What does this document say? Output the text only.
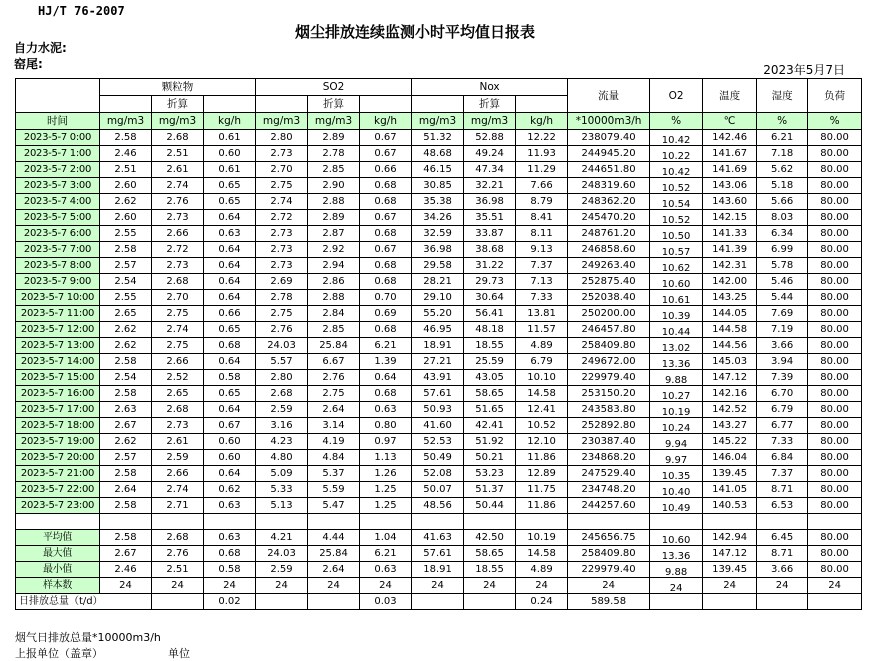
HJ/T 76-2007
烟尘排放连续监测小时平均值日报表
自力水泥:
窑尾:	2023年5月7日
	颗粒物			SO2			Nox			流量	O2	温度	湿度	负荷
		折算			折算			折算						
时间	mg/m3	mg/m3	kg/h	mg/m3	mg/m3	kg/h	mg/m3	mg/m3	kg/h	*10000m3/h	%	℃	%	%
2023-5-7 0:00	2.58	2.68	0.61	2.80	2.89	0.67	51.32	52.88	12.22	238079.40	10.42	142.46	6.21	80.00
2023-5-7 1:00	2.46	2.51	0.60	2.73	2.78	0.67	48.68	49.24	11.93	244945.20	10.22	141.67	7.18	80.00
2023-5-7 2:00	2.51	2.61	0.61	2.70	2.85	0.66	46.15	47.34	11.29	244651.80	10.42	141.69	5.62	80.00
2023-5-7 3:00	2.60	2.74	0.65	2.75	2.90	0.68	30.85	32.21	7.66	248319.60	10.52	143.06	5.18	80.00
2023-5-7 4:00	2.62	2.76	0.65	2.74	2.88	0.68	35.38	36.98	8.79	248362.20	10.54	143.60	5.66	80.00
2023-5-7 5:00	2.60	2.73	0.64	2.72	2.89	0.67	34.26	35.51	8.41	245470.20	10.52	142.15	8.03	80.00
2023-5-7 6:00	2.55	2.66	0.63	2.73	2.87	0.68	32.59	33.87	8.11	248761.20	10.50	141.33	6.34	80.00
2023-5-7 7:00	2.58	2.72	0.64	2.73	2.92	0.67	36.98	38.68	9.13	246858.60	10.57	141.39	6.99	80.00
2023-5-7 8:00	2.57	2.73	0.64	2.73	2.94	0.68	29.58	31.22	7.37	249263.40	10.62	142.31	5.78	80.00
2023-5-7 9:00	2.54	2.68	0.64	2.69	2.86	0.68	28.21	29.73	7.13	252875.40	10.60	142.00	5.46	80.00
2023-5-7 10:00	2.55	2.70	0.64	2.78	2.88	0.70	29.10	30.64	7.33	252038.40	10.61	143.25	5.44	80.00
2023-5-7 11:00	2.65	2.75	0.66	2.75	2.84	0.69	55.20	56.41	13.81	250200.00	10.39	144.05	7.69	80.00
2023-5-7 12:00	2.62	2.74	0.65	2.76	2.85	0.68	46.95	48.18	11.57	246457.80	10.44	144.58	7.19	80.00
2023-5-7 13:00	2.62	2.75	0.68	24.03	25.84	6.21	18.91	18.55	4.89	258409.80	13.02	144.56	3.66	80.00
2023-5-7 14:00	2.58	2.66	0.64	5.57	6.67	1.39	27.21	25.59	6.79	249672.00	13.36	145.03	3.94	80.00
2023-5-7 15:00	2.54	2.52	0.58	2.80	2.76	0.64	43.91	43.05	10.10	229979.40	9.88	147.12	7.39	80.00
2023-5-7 16:00	2.58	2.65	0.65	2.68	2.75	0.68	57.61	58.65	14.58	253150.20	10.27	142.16	6.70	80.00
2023-5-7 17:00	2.63	2.68	0.64	2.59	2.64	0.63	50.93	51.65	12.41	243583.80	10.19	142.52	6.79	80.00
2023-5-7 18:00	2.67	2.73	0.67	3.16	3.14	0.80	41.60	42.41	10.52	252892.80	10.24	143.27	6.77	80.00
2023-5-7 19:00	2.62	2.61	0.60	4.23	4.19	0.97	52.53	51.92	12.10	230387.40	9.94	145.22	7.33	80.00
2023-5-7 20:00	2.57	2.59	0.60	4.80	4.84	1.13	50.49	50.21	11.86	234868.20	9.97	146.04	6.84	80.00
2023-5-7 21:00	2.58	2.66	0.64	5.09	5.37	1.26	52.08	53.23	12.89	247529.40	10.35	139.45	7.37	80.00
2023-5-7 22:00	2.64	2.74	0.62	5.33	5.59	1.25	50.07	51.37	11.75	234748.20	10.40	141.05	8.71	80.00
2023-5-7 23:00	2.58	2.71	0.63	5.13	5.47	1.25	48.56	50.44	11.86	244257.60	10.49	140.53	6.53	80.00

平均值	2.58	2.68	0.63	4.21	4.44	1.04	41.63	42.50	10.19	245656.75	10.60	142.94	6.45	80.00
最大值	2.67	2.76	0.68	24.03	25.84	6.21	57.61	58.65	14.58	258409.80	13.36	147.12	8.71	80.00
最小值	2.46	2.51	0.58	2.59	2.64	0.63	18.91	18.55	4.89	229979.40	9.88	139.45	3.66	80.00
样本数	24	24	24	24	24	24	24	24	24	24	24	24	24	24
日排放总量（t/d）			0.02			0.03			0.24	589.58				
烟气日排放总量*10000m3/h
上报单位（盖章）	单位
